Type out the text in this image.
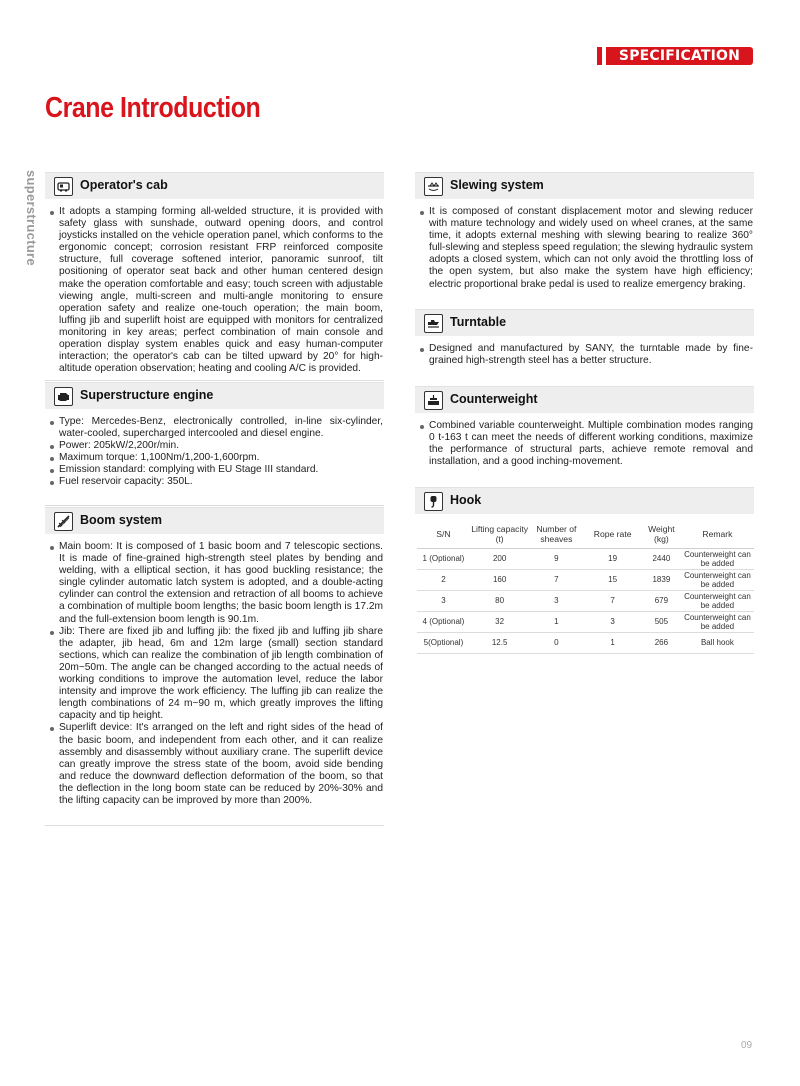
SPECIFICATION
Crane Introduction
superstructure	Operator's cab
It adopts a stamping forming all-welded structure, it is provided with safety glass with sunshade, outward opening doors, and control joysticks installed on the vehicle operation panel, which conforms to the ergonomic concept; corrosion resistant FRP reinforced composite structure, full coverage softened interior, panoramic sunroof, tilt positioning of operator seat back and other human centered design make the operation comfortable and easy; touch screen with adjustable viewing angle, multi-screen and multi-angle monitoring to ensure operation safety and realize one-touch operation; the main boom, luffing jib and superlift hoist are equipped with monitors for centralized monitoring in key areas; perfect combination of main console and operation display system enables quick and easy human-computer interaction; the operator's cab can be tilted upward by 20° for high-altitude operation observation; heating and cooling A/C is provided.
Superstructure engine
Type: Mercedes-Benz, electronically controlled, in-line six-cylinder, water-cooled, supercharged intercooled and diesel engine.
Power: 205kW/2,200r/min.
Maximum torque: 1,100Nm/1,200-1,600rpm.
Emission standard: complying with EU Stage III standard.
Fuel reservoir capacity: 350L.
Boom system
Main boom: It is composed of 1 basic boom and 7 telescopic sections. It is made of fine-grained high-strength steel plates by bending and welding, with a elliptical section, it has good buckling resistance; the single cylinder automatic latch system is adopted, and a double-acting cylinder can control the extension and retraction of all booms to achieve a combination of multiple boom lengths; the basic boom length is 17.2m and the full-extension boom length is 90.1m.
Jib: There are fixed jib and luffing jib: the fixed jib and luffing jib share the adapter, jib head, 6m and 12m large (small) section standard sections, which can realize the combination of jib length combination of 20m~50m. The angle can be changed according to the actual needs of working conditions to improve the automation level, reduce the labor intensity and improve the work efficiency. The luffing jib can realize the length combinations of 24 m~90 m, which greatly improves the lifting capacity and tip height.
Superlift device: It's arranged on the left and right sides of the head of the basic boom, and independent from each other, and it can realize assembly and disassembly without auxiliary crane. The superlift device can greatly improve the stress state of the boom, avoid side bending and reduce the downward deflection deformation of the boom, so that the deflection in the long boom state can be reduced by 20%-30% and the lifting capacity can be improved by more than 200%.
Slewing system
It is composed of constant displacement motor and slewing reducer with mature technology and widely used on wheel cranes, at the same time, it adopts external meshing with slewing bearing to realize 360° full-slewing and stepless speed regulation; the slewing hydraulic system adopts a closed system, which can not only avoid the throttling loss of the open system, but also make the system have high efficiency; electric proportional brake pedal is used to realize emergency braking.
Turntable
Designed and manufactured by SANY, the turntable made by fine-grained high-strength steel has a better structure.
Counterweight
Combined variable counterweight. Multiple combination modes ranging 0 t-163 t can meet the needs of different working conditions, maximize the performance of structural parts, achieve remote removal and installation, and a good inching-movement.
Hook
S/N	Lifting capacity (t)	Number of sheaves	Rope rate	Weight (kg)	Remark
1 (Optional)	200	9	19	2440	Counterweight can be added
2	160	7	15	1839	Counterweight can be added
3	80	3	7	679	Counterweight can be added
4 (Optional)	32	1	3	505	Counterweight can be added
5(Optional)	12.5	0	1	266	Ball hook
09
